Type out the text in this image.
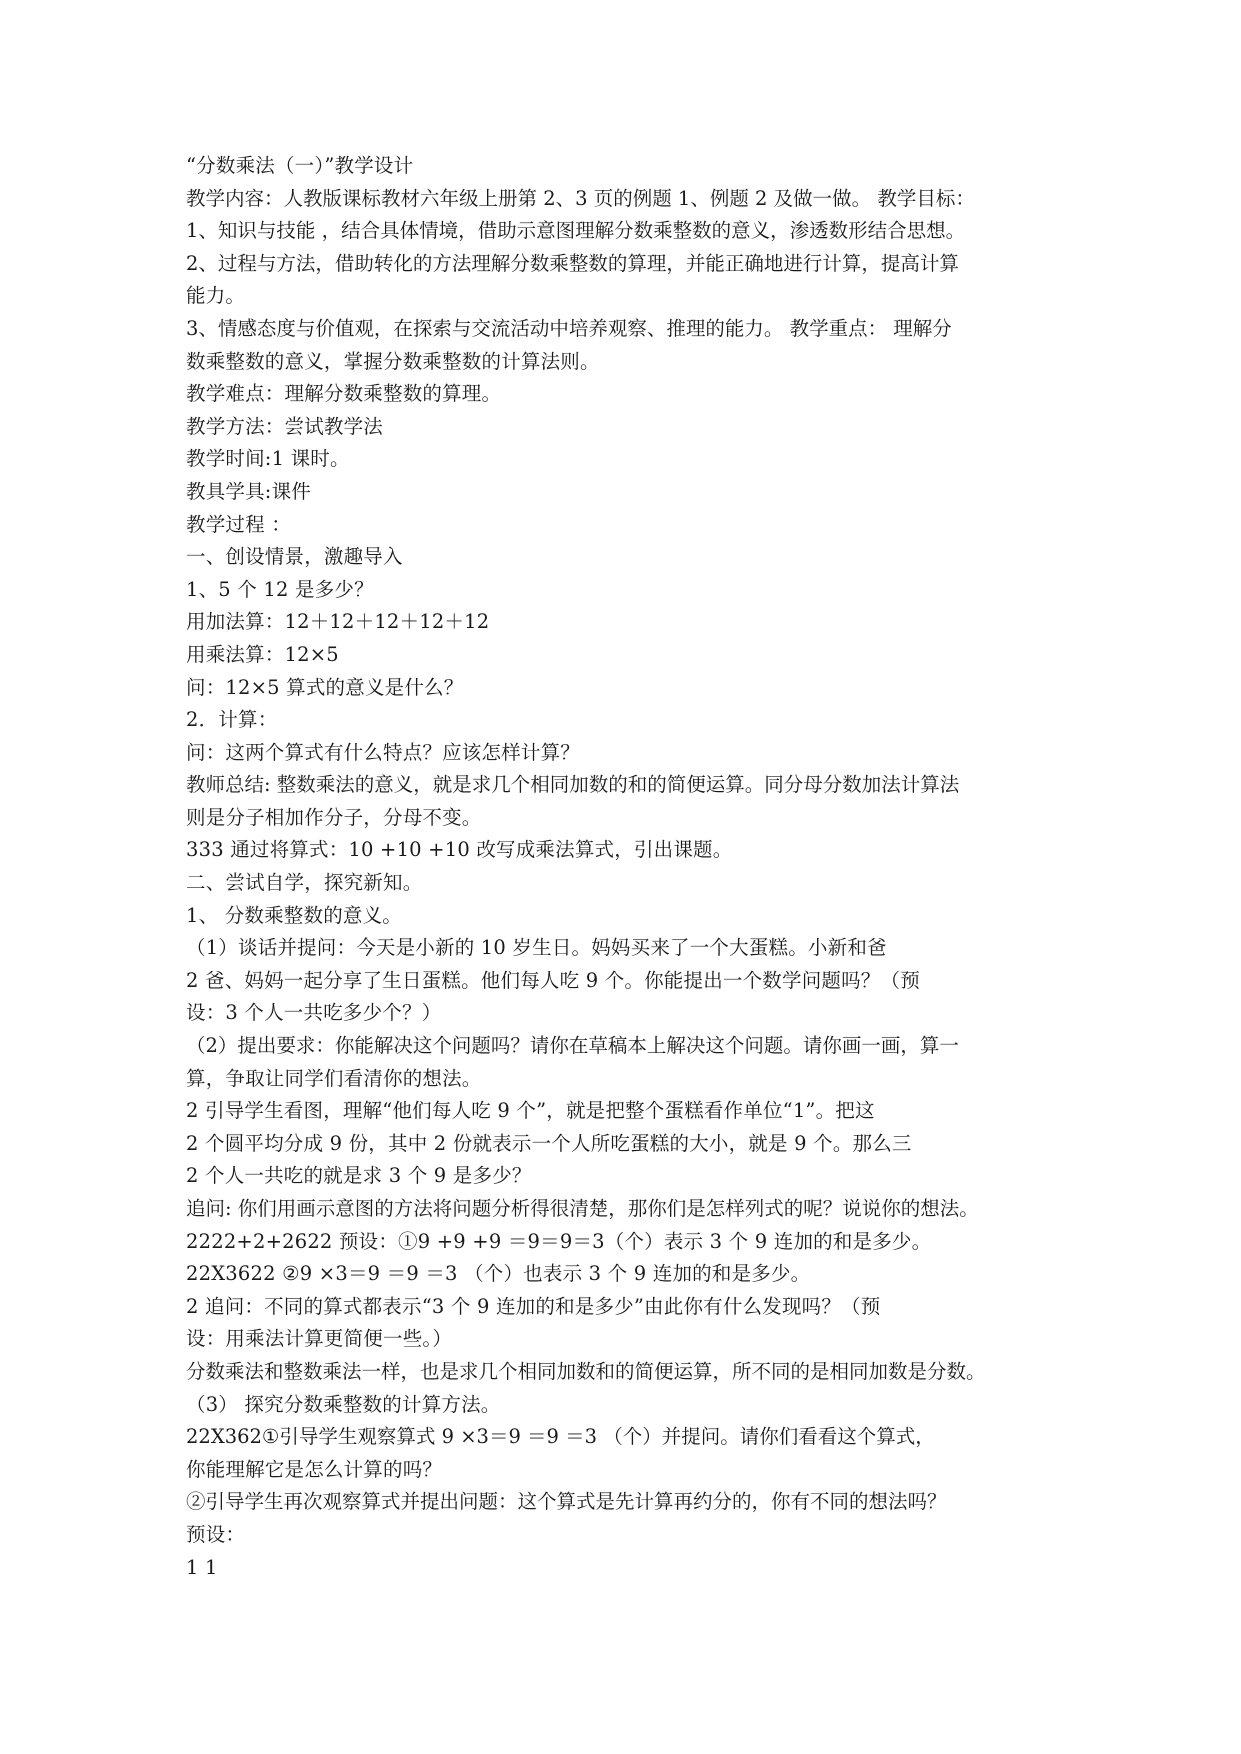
“分数乘法（一）”教学设计
教学内容：人教版课标教材六年级上册第 2、3 页的例题 1、例题 2 及做一做。 教学目标：
1、知识与技能 ，结合具体情境，借助示意图理解分数乘整数的意义，渗透数形结合思想。
2、过程与方法，借助转化的方法理解分数乘整数的算理，并能正确地进行计算，提高计算
能力。
3、情感态度与价值观，在探索与交流活动中培养观察、推理的能力。 教学重点： 理解分
数乘整数的意义，掌握分数乘整数的计算法则。
教学难点：理解分数乘整数的算理。
教学方法：尝试教学法
教学时间:1 课时。
教具学具:课件
教学过程 ：
一、创设情景，激趣导入
1、5 个 12 是多少？
用加法算：12＋12＋12＋12＋12
用乘法算：12×5
问：12×5 算式的意义是什么？
2．计算：
问：这两个算式有什么特点？应该怎样计算？
教师总结: 整数乘法的意义，就是求几个相同加数的和的简便运算。同分母分数加法计算法
则是分子相加作分子，分母不变。
333 通过将算式：10 +10 +10 改写成乘法算式，引出课题。
二、尝试自学，探究新知。
1、 分数乘整数的意义。
（1）谈话并提问：今天是小新的 10 岁生日。妈妈买来了一个大蛋糕。小新和爸
2 爸、妈妈一起分享了生日蛋糕。他们每人吃 9 个。你能提出一个数学问题吗？（预
设：3 个人一共吃多少个？）
（2）提出要求：你能解决这个问题吗？请你在草稿本上解决这个问题。请你画一画，算一
算，争取让同学们看清你的想法。
2 引导学生看图，理解“他们每人吃 9 个”，就是把整个蛋糕看作单位“1”。把这
2 个圆平均分成 9 份，其中 2 份就表示一个人所吃蛋糕的大小，就是 9 个。那么三
2 个人一共吃的就是求 3 个 9 是多少？
追问: 你们用画示意图的方法将问题分析得很清楚，那你们是怎样列式的呢？说说你的想法。
2222+2+2622 预设：①9 +9 +9 ＝9＝9＝3（个）表示 3 个 9 连加的和是多少。
22X3622 ②9 ×3＝9 ＝9 ＝3 （个）也表示 3 个 9 连加的和是多少。
2 追问：不同的算式都表示“3 个 9 连加的和是多少”由此你有什么发现吗？（预
设：用乘法计算更简便一些。）
分数乘法和整数乘法一样，也是求几个相同加数和的简便运算，所不同的是相同加数是分数。
（3） 探究分数乘整数的计算方法。
22X362①引导学生观察算式 9 ×3＝9 ＝9 ＝3 （个）并提问。请你们看看这个算式，
你能理解它是怎么计算的吗？
②引导学生再次观察算式并提出问题：这个算式是先计算再约分的，你有不同的想法吗？
预设：
1 1
